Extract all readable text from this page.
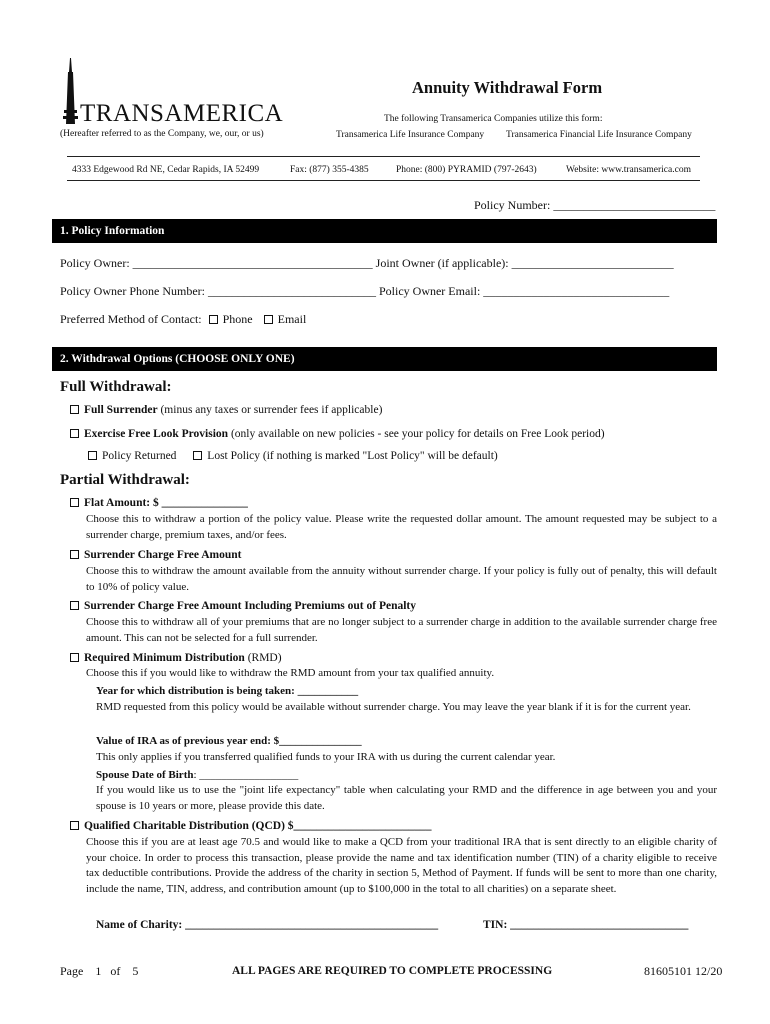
TRANSAMERICA
(Hereafter referred to as the Company, we, our, or us)
Annuity Withdrawal Form
The following Transamerica Companies utilize this form:
Transamerica Life Insurance Company Transamerica Financial Life Insurance Company
4333 Edgewood Rd NE, Cedar Rapids, IA 52499	Fax: (877) 355-4385	Phone: (800) PYRAMID (797-2643)	Website: www.transamerica.com
Policy Number: ___________________________
1. Policy Information
Policy Owner: ________________________________________ Joint Owner (if applicable): ___________________________
Policy Owner Phone Number: ____________________________ Policy Owner Email: _______________________________
Preferred Method of Contact: Phone Email
2. Withdrawal Options (CHOOSE ONLY ONE)
Full Withdrawal:
Full Surrender (minus any taxes or surrender fees if applicable)
Exercise Free Look Provision (only available on new policies - see your policy for details on Free Look period)
Policy Returned	Lost Policy (if nothing is marked "Lost Policy" will be default)
Partial Withdrawal:
Flat Amount: $ _______________
Choose this to withdraw a portion of the policy value. Please write the requested dollar amount. The amount requested may be subject to a surrender charge, premium taxes, and/or fees.
Surrender Charge Free Amount
Choose this to withdraw the amount available from the annuity without surrender charge. If your policy is fully out of penalty, this will default to 10% of policy value.
Surrender Charge Free Amount Including Premiums out of Penalty
Choose this to withdraw all of your premiums that are no longer subject to a surrender charge in addition to the available surrender charge free amount. This can not be selected for a full surrender.
Required Minimum Distribution (RMD)
Choose this if you would like to withdraw the RMD amount from your tax qualified annuity.
Year for which distribution is being taken: ___________
RMD requested from this policy would be available without surrender charge. You may leave the year blank if it is for the current year.
Value of IRA as of previous year end: $_______________
This only applies if you transferred qualified funds to your IRA with us during the current calendar year.
Spouse Date of Birth: __________________
If you would like us to use the "joint life expectancy" table when calculating your RMD and the difference in age between you and your spouse is 10 years or more, please provide this date.
Qualified Charitable Distribution (QCD) $________________________
Choose this if you are at least age 70.5 and would like to make a QCD from your traditional IRA that is sent directly to an eligible charity of your choice. In order to process this transaction, please provide the name and tax identification number (TIN) of a charity eligible to receive tax deductible contributions. Provide the address of the charity in section 5, Method of Payment. If funds will be sent to more than one charity, include the name, TIN, address, and contribution amount (up to $100,000 in the total to all charities) on a separate sheet.
Name of Charity: ____________________________________________	TIN: _______________________________
Page    1   of    5	ALL PAGES ARE REQUIRED TO COMPLETE PROCESSING	81605101 12/20
